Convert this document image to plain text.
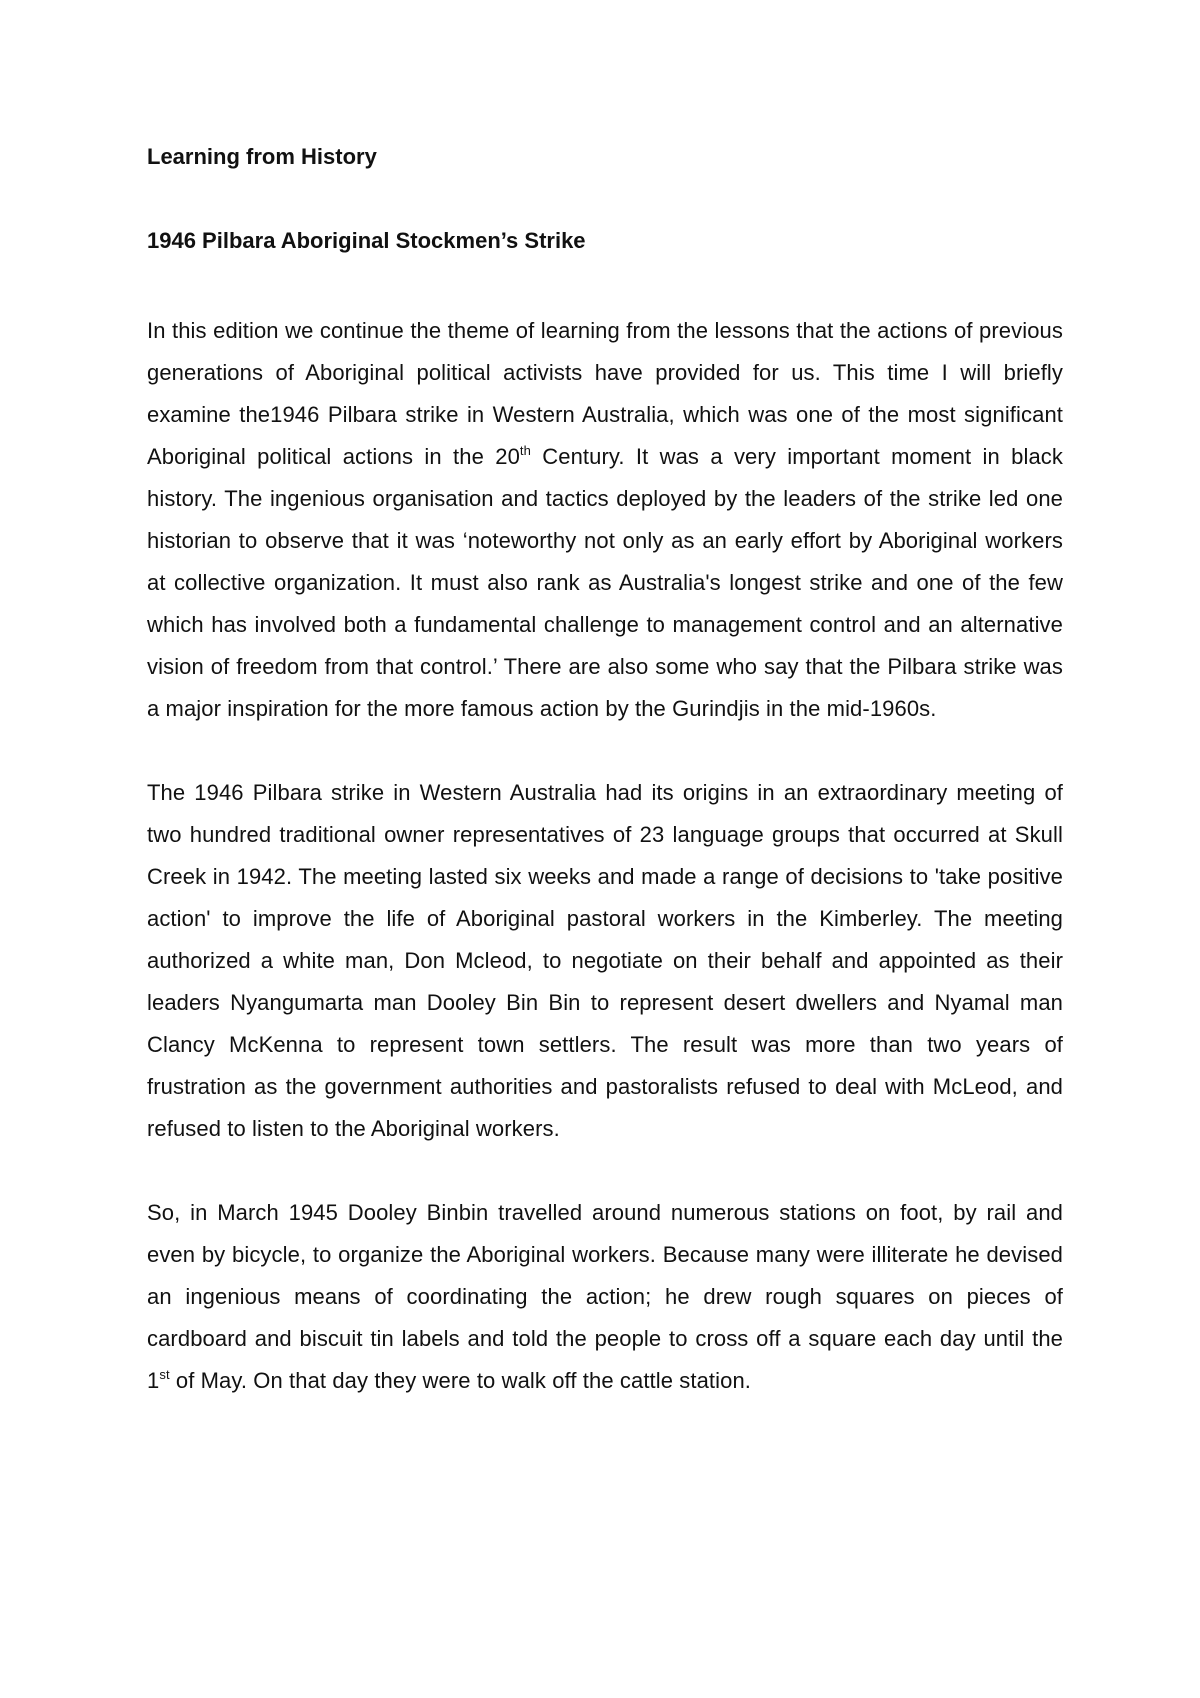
Learning from History

1946 Pilbara Aboriginal Stockmen’s Strike

In this edition we continue the theme of learning from the lessons that the actions of previous generations of Aboriginal political activists have provided for us. This time I will briefly examine the1946 Pilbara strike in Western Australia, which was one of the most significant Aboriginal political actions in the 20th Century. It was a very important moment in black history. The ingenious organisation and tactics deployed by the leaders of the strike led one historian to observe that it was ‘noteworthy not only as an early effort by Aboriginal workers at collective organization. It must also rank as Australia's longest strike and one of the few which has involved both a fundamental challenge to management control and an alternative vision of freedom from that control.’ There are also some who say that the Pilbara strike was a major inspiration for the more famous action by the Gurindjis in the mid-1960s.

The 1946 Pilbara strike in Western Australia had its origins in an extraordinary meeting of two hundred traditional owner representatives of 23 language groups that occurred at Skull Creek in 1942. The meeting lasted six weeks and made a range of decisions to 'take positive action' to improve the life of Aboriginal pastoral workers in the Kimberley. The meeting authorized a white man, Don Mcleod, to negotiate on their behalf and appointed as their leaders Nyangumarta man Dooley Bin Bin to represent desert dwellers and Nyamal man Clancy McKenna to represent town settlers. The result was more than two years of frustration as the government authorities and pastoralists refused to deal with McLeod, and refused to listen to the Aboriginal workers.

So, in March 1945 Dooley Binbin travelled around numerous stations on foot, by rail and even by bicycle, to organize the Aboriginal workers. Because many were illiterate he devised an ingenious means of coordinating the action; he drew rough squares on pieces of cardboard and biscuit tin labels and told the people to cross off a square each day until the 1st of May. On that day they were to walk off the cattle station.
